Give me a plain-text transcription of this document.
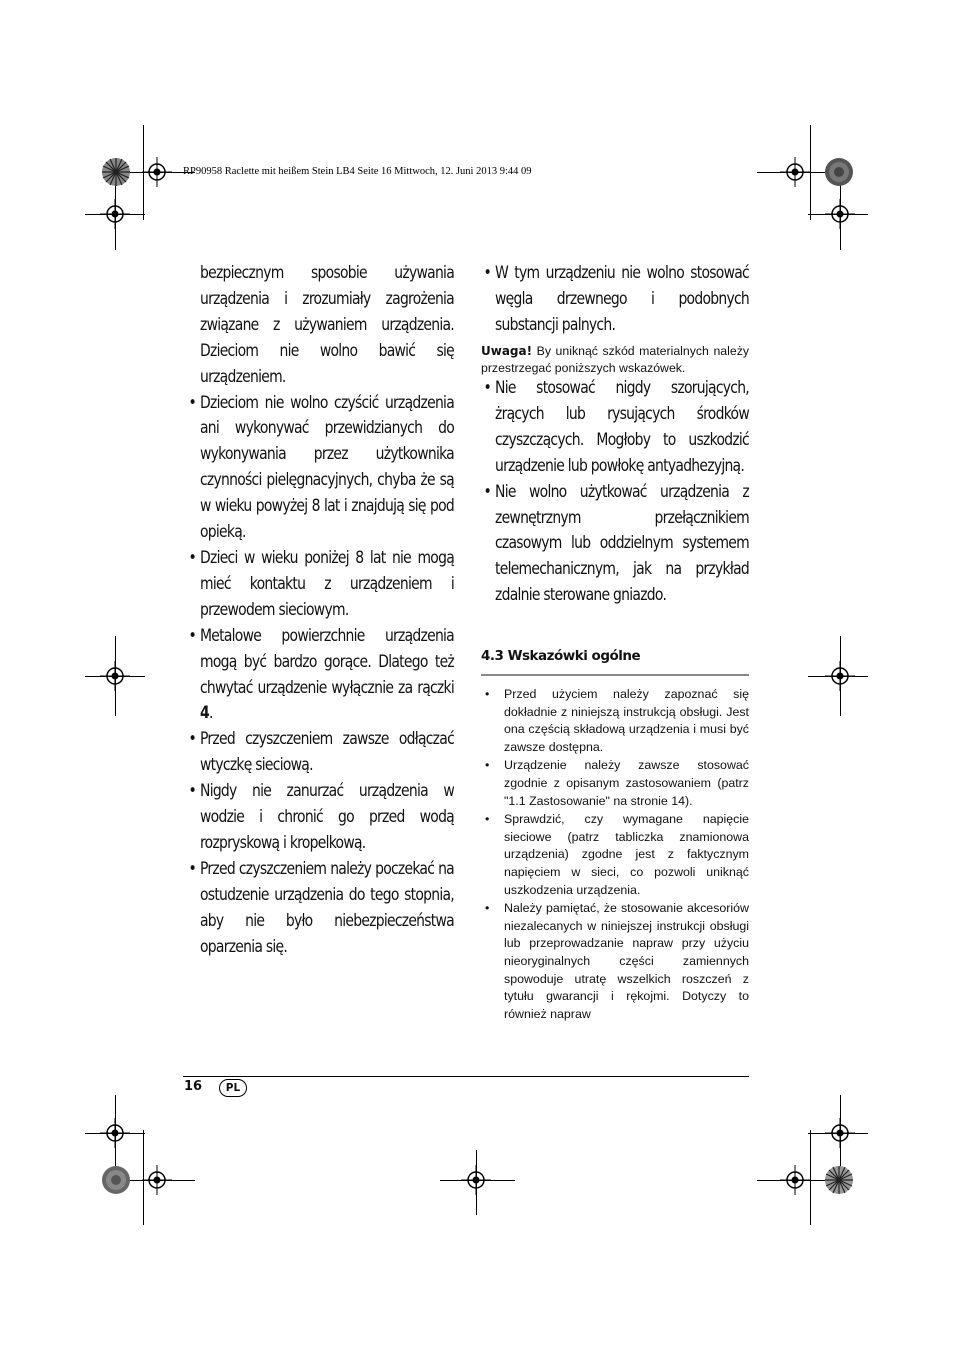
RP90958 Raclette mit heißem Stein LB4 Seite 16 Mittwoch, 12. Juni 2013 9:44 09

bezpiecznym sposobie używania urządzenia i zrozumiały zagrożenia związane z używaniem urządzenia. Dzieciom nie wolno bawić się urządzeniem.

• Dzieciom nie wolno czyścić urządzenia ani wykonywać przewidzianych do wykonywania przez użytkownika czynności pielęgnacyjnych, chyba że są w wieku powyżej 8 lat i znajdują się pod opieką.

• Dzieci w wieku poniżej 8 lat nie mogą mieć kontaktu z urządzeniem i przewodem sieciowym.

• Metalowe powierzchnie urządzenia mogą być bardzo gorące. Dlatego też chwytać urządzenie wyłącznie za rączki 4.

• Przed czyszczeniem zawsze odłączać wtyczkę sieciową.

• Nigdy nie zanurzać urządzenia w wodzie i chronić go przed wodą rozpryskową i kropelkową.

• Przed czyszczeniem należy poczekać na ostudzenie urządzenia do tego stopnia, aby nie było niebezpieczeństwa oparzenia się.

• W tym urządzeniu nie wolno stosować węgla drzewnego i podobnych substancji palnych.

Uwaga! By uniknąć szkód materialnych należy przestrzegać poniższych wskazówek.

• Nie stosować nigdy szorujących, żrących lub rysujących środków czyszczących. Mogłoby to uszkodzić urządzenie lub powłokę antyadhezyjną.

• Nie wolno użytkować urządzenia z zewnętrznym przełącznikiem czasowym lub oddzielnym systemem telemechanicznym, jak na przykład zdalnie sterowane gniazdo.

4.3 Wskazówki ogólne

• Przed użyciem należy zapoznać się dokładnie z niniejszą instrukcją obsługi. Jest ona częścią składową urządzenia i musi być zawsze dostępna.

• Urządzenie należy zawsze stosować zgodnie z opisanym zastosowaniem (patrz "1.1 Zastosowanie" na stronie 14).

• Sprawdzić, czy wymagane napięcie sieciowe (patrz tabliczka znamionowa urządzenia) zgodne jest z faktycznym napięciem w sieci, co pozwoli uniknąć uszkodzenia urządzenia.

• Należy pamiętać, że stosowanie akcesoriów niezalecanych w niniejszej instrukcji obsługi lub przeprowadzanie napraw przy użyciu nieoryginalnych części zamiennych spowoduje utratę wszelkich roszczeń z tytułu gwarancji i rękojmi. Dotyczy to również napraw

16	PL
